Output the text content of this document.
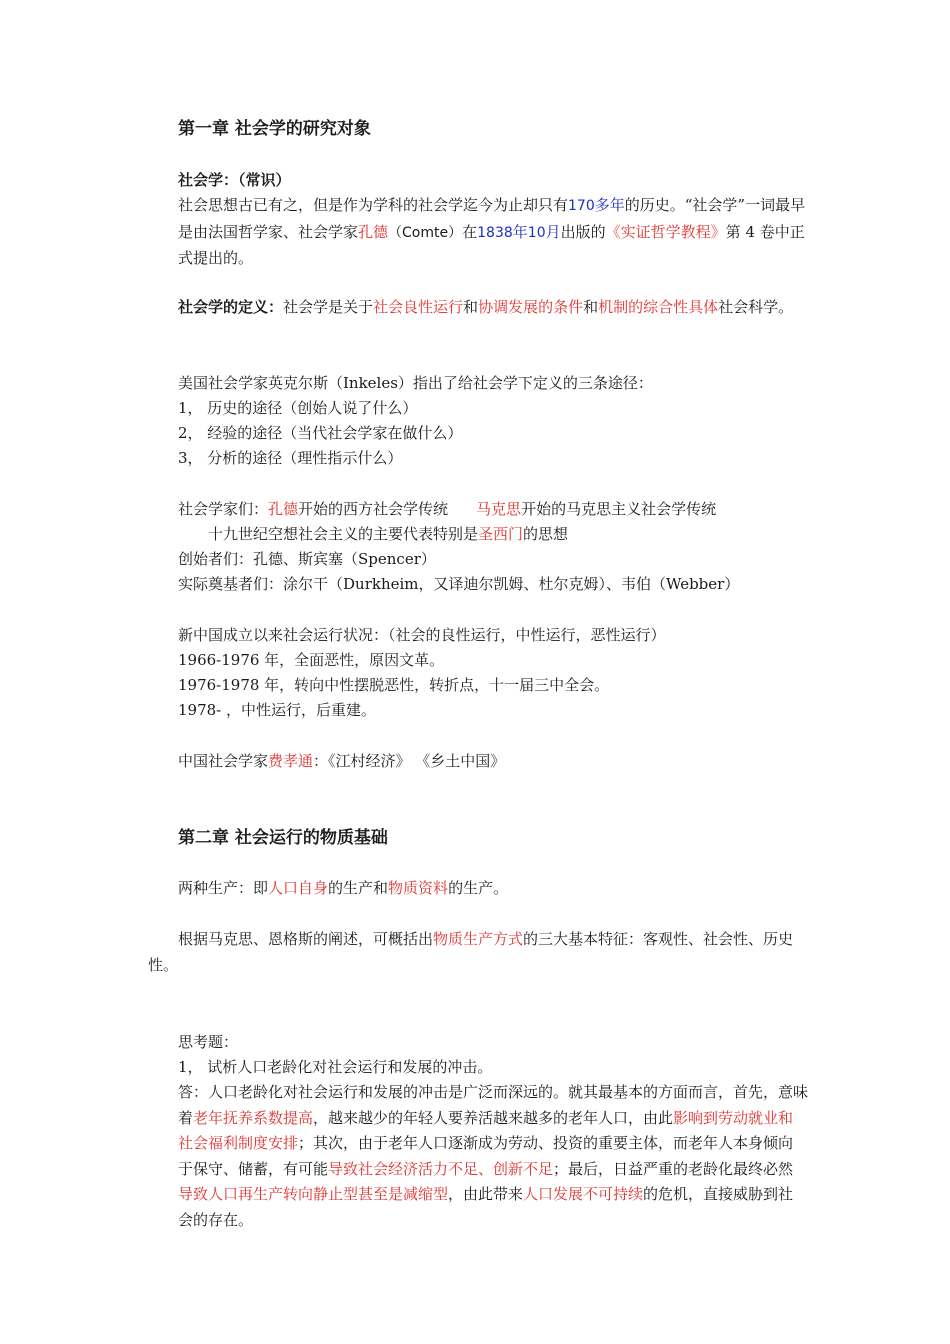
第一章 社会学的研究对象
社会学：（常识）

社会思想古已有之，但是作为学科的社会学迄今为止却只有170多年的历史。“社会学”一词最早是由法国哲学家、社会学家孔德（Comte）在1838年10月出版的《实证哲学教程》第 4 卷中正式提出的。

社会学的定义：社会学是关于社会良性运行和协调发展的条件和机制的综合性具体社会科学。

美国社会学家英克尔斯（Inkeles）指出了给社会学下定义的三条途径：
1， 历史的途径（创始人说了什么）
2， 经验的途径（当代社会学家在做什么）
3， 分析的途径（理性指示什么）
社会学家们：孔德开始的西方社会学传统 马克思开始的马克思主义社会学传统
十九世纪空想社会主义的主要代表特别是圣西门的思想
创始者们：孔德、斯宾塞（Spencer）
实际奠基者们：涂尔干（Durkheim，又译迪尔凯姆、杜尔克姆）、韦伯（Webber）
新中国成立以来社会运行状况：（社会的良性运行，中性运行，恶性运行）
1966-1976 年，全面恶性，原因文革。
1976-1978 年，转向中性摆脱恶性，转折点，十一届三中全会。
1978- ，中性运行，后重建。
中国社会学家费孝通：《江村经济》 《乡土中国》
第二章 社会运行的物质基础
两种生产：即人口自身的生产和物质资料的生产。

根据马克思、恩格斯的阐述，可概括出物质生产方式的三大基本特征：客观性、社会性、历史性。

思考题：
1， 试析人口老龄化对社会运行和发展的冲击。

答：人口老龄化对社会运行和发展的冲击是广泛而深远的。就其最基本的方面而言，首先，意味着老年抚养系数提高，越来越少的年轻人要养活越来越多的老年人口，由此影响到劳动就业和社会福利制度安排；其次，由于老年人口逐渐成为劳动、投资的重要主体，而老年人本身倾向于保守、储蓄，有可能导致社会经济活力不足、创新不足；最后，日益严重的老龄化最终必然导致人口再生产转向静止型甚至是减缩型，由此带来人口发展不可持续的危机，直接威胁到社会的存在。
